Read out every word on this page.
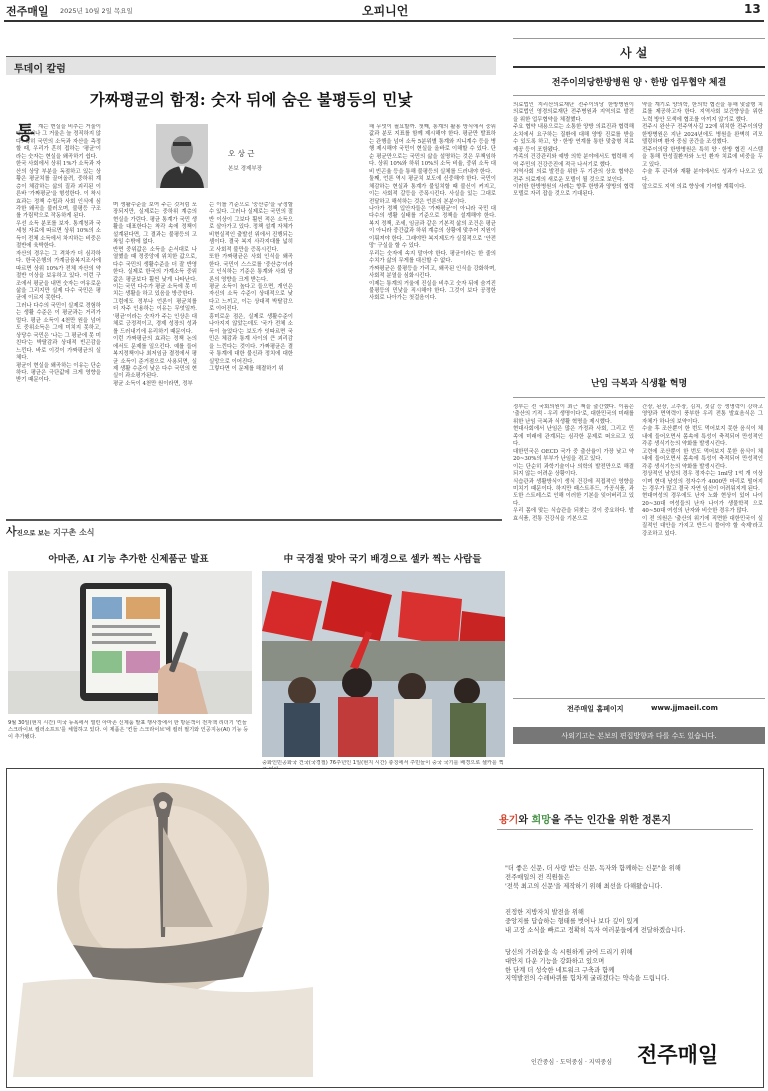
전주매일 2025년 10월 2일 목요일	오피니언	13
투데이 칼럼
가짜평균의 함정: 숫자 뒤에 숨은 불평등의 민낯
통 계는 현실을 비추는 거울이다. 그러나 그 거울은 늘 정직하지 않다. 특히 국민의 소득과 자산을 측정할 때, 우리가 흔히 접하는 '평균'이라는 숫자는 현실을 왜곡하기 쉽다.
한국 사회에서 상위 1%가 소득과 자산의 상당 부분을 독점하고 있는 상황은 평균치를 끌어올려, 중하위 계층이 체감하는 삶의 질과 괴리된 이른바 '가짜평균'을 형성한다. 이 착시 효과는 정책 수립과 사회 인식에 심각한 왜곡을 불러오며, 불평등 구조를 가림막으로 작동하게 된다.
우선 소득 분포를 보자. 통계청과 국세청 자료에 따르면 상위 10%의 소득이 전체 소득에서 차지하는 비중은 절반에 육박한다.
자산의 경우는 그 격차가 더 심각하다. 한국은행의 가계금융복지조사에 따르면 상위 10%가 전체 자산의 약 절반 이상을 보유하고 있다. 이런 구조에서 평균을 내면 숫자는 여유로운 삶을 그리지만 실제 다수 국민은 평균에 이르지 못한다.
그러나 다수의 국민이 실제로 경험하는 생활 수준은 이 평균과는 거리가 멀다. 평균 소득이 4천만 원을 넘어도 중위소득은 그에 미치지 못하고, 상당수 국민은 '나는 그 평균에 못 미친다'는 박탈감과 상대적 빈곤감을 느낀다. 바로 이것이 가짜평균의 실체다.
평균이 현실을 왜곡하는 이유는 단순하다. 평균은 극단값에 크게 영향을 받기 때문이다.
오 상 근
본보 경제부장
며 생활수준을 보여 주는 것처럼 포장되지만, 실제로는 중하위 계층의 현실을 가린다. 평균 통계가 국민 생활을 대표한다는 착각 속에 정책이 설계된다면, 그 결과는 불평등의 고착일 수밖에 없다.
반면 중위값은 소득을 순서대로 나열했을 때 정중앙에 위치한 값으로, 다수 국민의 생활수준을 더 잘 반영한다. 실제로 한국의 가계소득 중위값은 평균보다 훨씬 낮게 나타난다. 이는 국민 다수가 평균 소득에 못 미치는 생활을 하고 있음을 방증한다.
그럼에도 정부나 언론이 평균치를 더 자주 인용하는 이유는 무엇일까. '평균'이라는 숫자가 주는 인상은 대체로 긍정적이고, 경제 성장의 성과를 드러내기에 유리하기 때문이다.
이런 가짜평균의 효과는 정책 논의에서도 문제를 일으킨다. 예를 들어 복지정책이나 최저임금 결정에서 평균 소득이 준거점으로 사용되면, 실제 생활 수준이 낮은 다수 국민의 현실이 과소평가된다.
평균 소득이 4천만 원이라면, 정부
는 이를 기준으로 '중산층'을 규정할 수 있다. 그러나 실제로는 국민의 절반 이상이 그보다 훨씬 적은 소득으로 살아가고 있다. 정책 설계 자체가 비현실적인 출발선 위에서 진행되는 셈이다. 결국 복지 사각지대를 넓히고 사회적 불만을 증폭시킨다.
또한 가짜평균은 사회 인식을 왜곡한다. 국민이 스스로를 '중산층'이라고 인식하는 기준은 통계와 사회 담론의 영향을 크게 받는다.
평균 소득이 높다고 들으면, 개인은 자신의 소득 수준이 상대적으로 낮다고 느끼고, 이는 상대적 박탈감으로 이어진다.
흥미로운 점은, 실제로 생활수준이 나아지지 않았는데도 '국가 전체 소득이 늘었다'는 보도가 잇따르면 국민은 체감과 통계 사이의 큰 괴리감을 느낀다는 것이다. 가짜평균은 결국 통계에 대한 불신과 정치에 대한 실망으로 이어진다.
그렇다면 이 문제를 해결하기 위
해 무엇이 필요할까. 첫째, 통계의 활용 방식에서 중위값과 분포 지표를 함께 제시해야 한다. 평균만 발표하는 관행을 넘어 소득 5분위별 통계와 지니계수 등을 병행 제시해야 국민이 현실을 올바로 이해할 수 있다. 단순 평균만으로는 국민의 삶을 설명하는 것은 무책임하다. 상위 10%와 하위 10%의 소득 비율, 중위 소득 대비 빈곤율 등을 통해 불평등의 실체를 드러내야 한다.
둘째, 언론 역시 평균치 보도에 신중해야 한다. 국민이 체감하는 현실과 통계가 불일치할 때 불신이 커지고, 이는 사회적 갈등을 증폭시킨다. 사실을 있는 그대로 전달하고 해석하는 것은 언론의 본분이다.
나아가 정책 입안자들은 '가짜평균'이 아니라 국민 대다수의 생활 실태를 기준으로 정책을 설계해야 한다. 복지 정책, 조세, 임금과 같은 기본적 삶의 조건은 평균이 아니라 중간값과 하위 계층의 상황에 맞추어 지원이 이뤄져야 한다. 그래야만 복지제도가 실질적으로 '안전망' 구실을 할 수 있다.
우리는 숫자에 속지 말아야 한다. 평균이라는 한 줄의 수치가 삶의 무게를 대신할 수 없다.
가짜평균은 불평등을 가리고, 왜곡된 인식을 강화하며, 사회적 분열을 심화시킨다.
이제는 통계의 거울에 진실을 비추고 숫자 뒤에 숨겨진 불평등의 민낯을 직시해야 한다. 그것이 보다 공정한 사회로 나아가는 첫걸음이다.
사 설
전주이의당한방병원 양ㆍ한방 업무협약 체결
의료법인 지리산의료재단 전주이의당 한방병원이 의료법인 영경의료재단 전주병원과 지역의료 발전을 위한 업무협약을 체결했다.
주요 협약 내용으로는 소통한 양방 의료진과 협력해 소치에서 요구하는 질환에 대해 양방 진료를 받을 수 있도록 하고, 양ㆍ한방 연계를 통한 맞춤형 치료 제공 등이 포함됐다.
가족의 건강관리와 예방 의학 분야에서도 협력해 지역 주민의 건강증진에 적극 나서기로 했다.
지역사회 의료 발전을 위한 두 기관의 상호 협약은 전주 의료계의 새로운 모델이 될 것으로 보인다.
이러한 한방병원의 사례는 향후 한방과 양방의 협력 모델로 자리 잡을 것으로 기대된다.
약을 계기로 양의학, 한의학 협진을 통해 맞춤형 치료를 제공하고자 한다. 지역사회 보건향상을 위한 노력 방안 모색에 협조를 아끼지 않기로 했다.
전주시 완산구 전주역사길 22에 위치한 전주이의당한방병원은 지난 2024년에도 병원을 완벽히 리모델링하며 환자 중심 공간을 조성했다.
전주이의당 한방병원은 특히 양ㆍ한방 협진 시스템을 통해 만성질환자와 노인 환자 치료에 비중을 두고 있다.
수술 후 관리와 재활 분야에서도 성과가 나오고 있다.
앞으로도 지역 의료 향상에 기여할 계획이다.
난임 극복과 식생활 혁명
정부는 전 국회의원이 최근 책을 출간했다. 이름은 '출산의 기적 - 우리 생명이다'로, 대한민국의 미래를 위한 난임 극복과 식생활 혁명을 제시했다.
현대사회에서 난임은 많은 가정과 사회, 그리고 민족에 미래에 관계되는 심각한 문제로 떠오르고 있다.
대한민국은 OECD 국가 중 출산율이 가장 낮고 약 20~30%의 부부가 난임을 겪고 있다.
이는 단순히 과학기술이나 의학의 발전만으로 해결되지 않는 어려운 상황이다.
식습관과 생활방식이 생식 건강에 직접적인 영향을 미치기 때문이다. 하지만 패스트푸드, 가공식품, 과도한 스트레스로 인해 이러한 기본을 잊어버리고 있다.
우리 몸에 맞는 식습관을 되찾는 것이 중요하다. 발효식품, 전통 건강식을 기본으로
간장, 된장, 고추장, 김치, 젓갈 등 생명력이 강하고 영양과 면역력이 풍부한 우리 전통 발효음식은 그 자체가 하나의 보약이다.
수술 후 조산뿐이 한 번도 먹어보지 못한 음식이 체내에 들어오면서 몸속에 특성이 축적되어 만성적인 각종 생식기능의 약화를 발생시킨다.
고련에 조산뿐이 한 번도 먹어보지 못한 음식이 체내에 들어오면서 몸속에 특성이 축적되어 만성적인 각종 생식기능의 약화를 발생시킨다.
정상적인 남성의 경우 정자수는 1ml당 1억 개 이상이며 현대 남성의 정자수가 4000만 마리로 떨어지는 경우가 많고 결국 자연 임신이 어려워지게 된다.
현대여성의 경우에도 난자 노화 현상이 있어 나이 20~30대 여성들의 난자 나이가 생물학적 으로 40~50대 여성의 난자와 비슷한 경우가 많다.
이 전 의원은 '출산의 위기에 직면한 대한민국이 실질적인 대안을 가지고 반드시 풀어야 할 숙제'라고 강조하고 있다.
전주매일 홈페이지	www.jjmaeil.com
사외기고는 본보의 편집방향과 다를 수도 있습니다.
사진으로 보는 지구촌 소식
아마존, AI 기능 추가한 신제품군 발표
9월 30일(현지 시간) 미국 뉴욕에서 열린 아마존 신제품 발표 행사장에서 한 방문객이 전자책 리더기 '킨들 스크라이브 컬러소프트'를 체험하고 있다. 이 제품은 '킨들 스크라이브'에 컬러 필기와 인공지능(AI) 기능 등이 추가됐다.
中 국경절 맞아 국기 배경으로 셀카 찍는 사람들
중화인민공화국 건국(국경절) 76주년인 1일(현지 시간) 충칭에서 주민들이 중국 국기를 배경으로 셀카를 찍
용기와 희망을 주는 인간을 위한 정론지
"더 좋은 신문, 더 사랑 받는 신문, 독자와 함께하는 신문"을 위해
전주매일의 전 직원들은
'전북 최고의 신문'을 제작하기 위해 최선을 다해왔습니다.
진정한 지방자치 발전을 위해
중앙지를 답습하는 형태를 벗어나 보다 깊이 있게
내 고장 소식을 빠르고 정확히 독자 여러분들에게 전달하겠습니다.
당신의 가려움을 속 시원하게 긁어 드리기 위해
대안지 다운 기능을 강화하고 있으며
한 단계 더 성숙한 네트워크 구축과 함께
지역발전의 수레바퀴를 힘차게 굴리겠다는 약속을 드립니다.
인간중심 · 도덕중심 · 지역중심 전주매일
